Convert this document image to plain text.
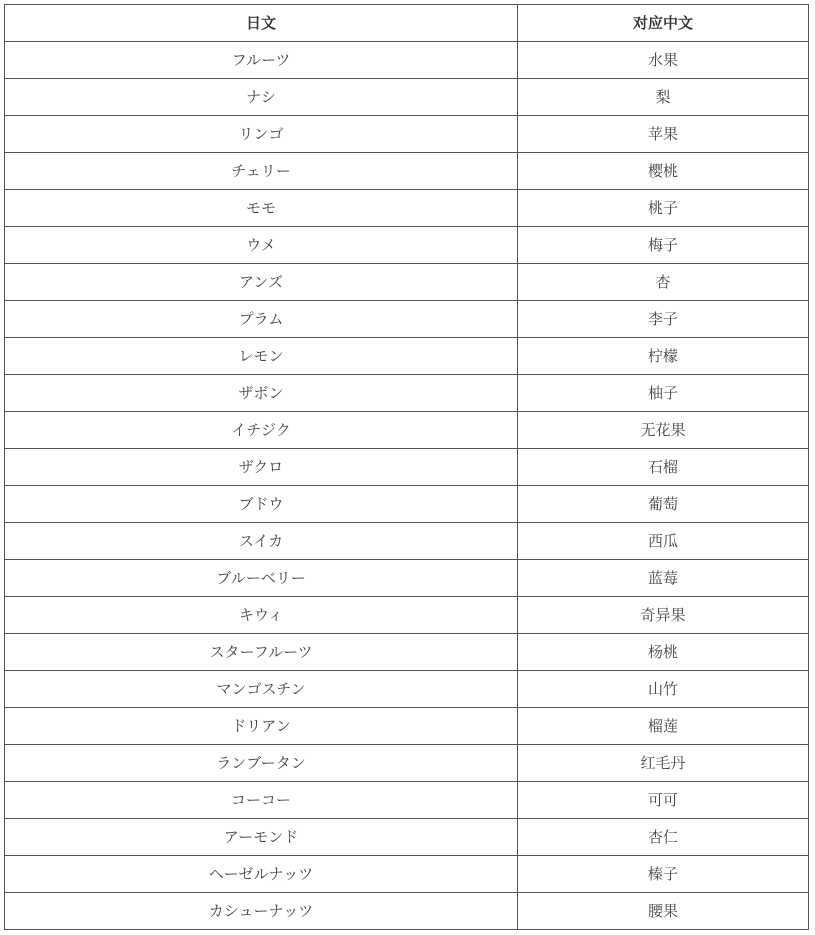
日文	对应中文
フルーツ	水果
ナシ	梨
リンゴ	苹果
チェリー	樱桃
モモ	桃子
ウメ	梅子
アンズ	杏
プラム	李子
レモン	柠檬
ザボン	柚子
イチジク	无花果
ザクロ	石榴
ブドウ	葡萄
スイカ	西瓜
ブルーベリー	蓝莓
キウィ	奇异果
スターフルーツ	杨桃
マンゴスチン	山竹
ドリアン	榴莲
ランブータン	红毛丹
コーコー	可可
アーモンド	杏仁
ヘーゼルナッツ	榛子
カシューナッツ	腰果
